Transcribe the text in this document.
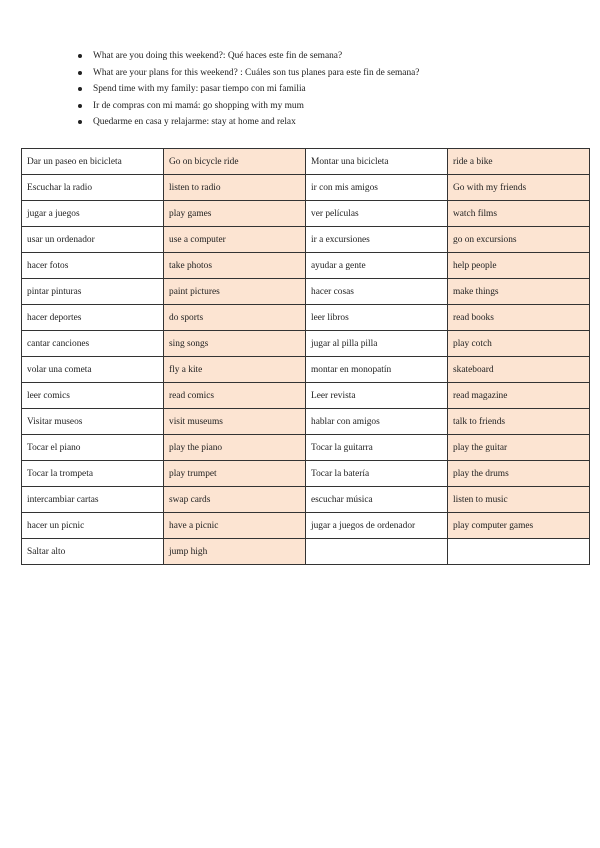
What are you doing this weekend?: Qué haces este fin de semana?
What are your plans for this weekend? : Cuáles son tus planes para este fin de semana?
Spend time with my family: pasar tiempo con mi familia
Ir de compras con mi mamá: go shopping with my mum
Quedarme en casa y relajarme: stay at home and relax
Dar un paseo en bicicleta	Go on bicycle ride	Montar una bicicleta	ride a bike
Escuchar la radio	listen to radio	ir con mis amigos	Go with my friends
jugar a juegos	play games	ver películas	watch films
usar un ordenador	use a computer	ir a excursiones	go on excursions
hacer fotos	take photos	ayudar a gente	help people
pintar pinturas	paint pictures	hacer cosas	make things
hacer deportes	do sports	leer libros	read books
cantar canciones	sing songs	jugar al pilla pilla	play cotch
volar una cometa	fly a kite	montar en monopatín	skateboard
leer comics	read comics	Leer revista	read magazine
Visitar museos	visit museums	hablar con amigos	talk to friends
Tocar el piano	play the piano	Tocar la guitarra	play the guitar
Tocar la trompeta	play trumpet	Tocar la batería	play the drums
intercambiar cartas	swap cards	escuchar música	listen to music
hacer un picnic	have a picnic	jugar a juegos de ordenador	play computer games
Saltar alto	jump high		
